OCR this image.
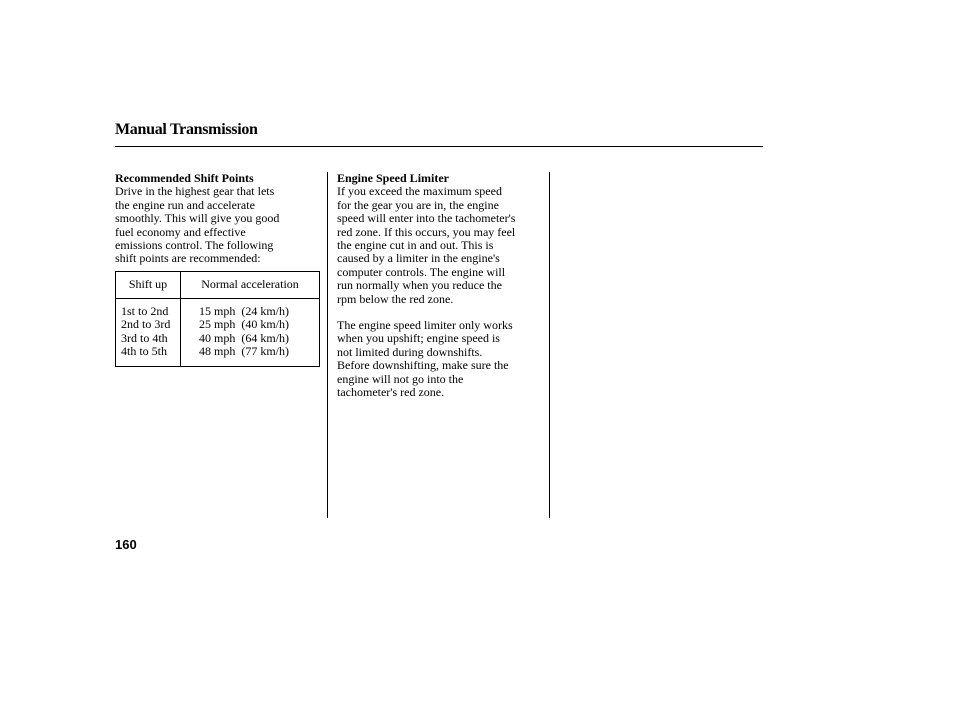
Manual Transmission
Recommended Shift Points
Drive in the highest gear that lets
the engine run and accelerate
smoothly. This will give you good
fuel economy and effective
emissions control. The following
shift points are recommended:
Shift up	Normal acceleration
1st to 2nd
2nd to 3rd
3rd to 4th
4th to 5th
15 mph  (24 km/h)
25 mph  (40 km/h)
40 mph  (64 km/h)
48 mph  (77 km/h)
Engine Speed Limiter
If you exceed the maximum speed
for the gear you are in, the engine
speed will enter into the tachometer's
red zone. If this occurs, you may feel
the engine cut in and out. This is
caused by a limiter in the engine's
computer controls. The engine will
run normally when you reduce the
rpm below the red zone.
The engine speed limiter only works
when you upshift; engine speed is
not limited during downshifts.
Before downshifting, make sure the
engine will not go into the
tachometer's red zone.
160
